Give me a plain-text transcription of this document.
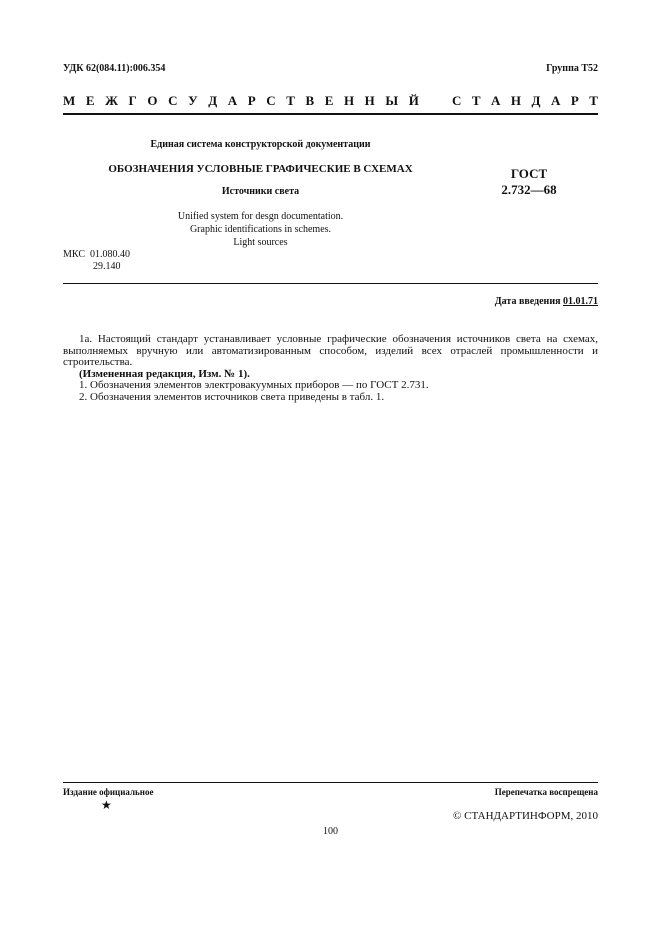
УДК 62(084.11):006.354	Группа Т52
М Е Ж Г О С У Д А Р С Т В Е Н Н Ы Й	С Т А Н Д А Р Т
Единая система конструкторской документации
ОБОЗНАЧЕНИЯ УСЛОВНЫЕ ГРАФИЧЕСКИЕ В СХЕМАХ
Источники света
ГОСТ
2.732—68
Unified system for desgn documentation.
Graphic identifications in schemes.
Light sources
МКС 01.080.40
29.140
Дата введения 01.01.71

1а. Настоящий стандарт устанавливает условные графические обозначения источников света на схемах, выполняемых вручную или автоматизированным способом, изделий всех отраслей промышленности и строительства.

(Измененная редакция, Изм. № 1).

1. Обозначения элементов электровакуумных приборов — по ГОСТ 2.731.

2. Обозначения элементов источников света приведены в табл. 1.

Издание официальное	Перепечатка воспрещена
★
© СТАНДАРТИНФОРМ, 2010
100
